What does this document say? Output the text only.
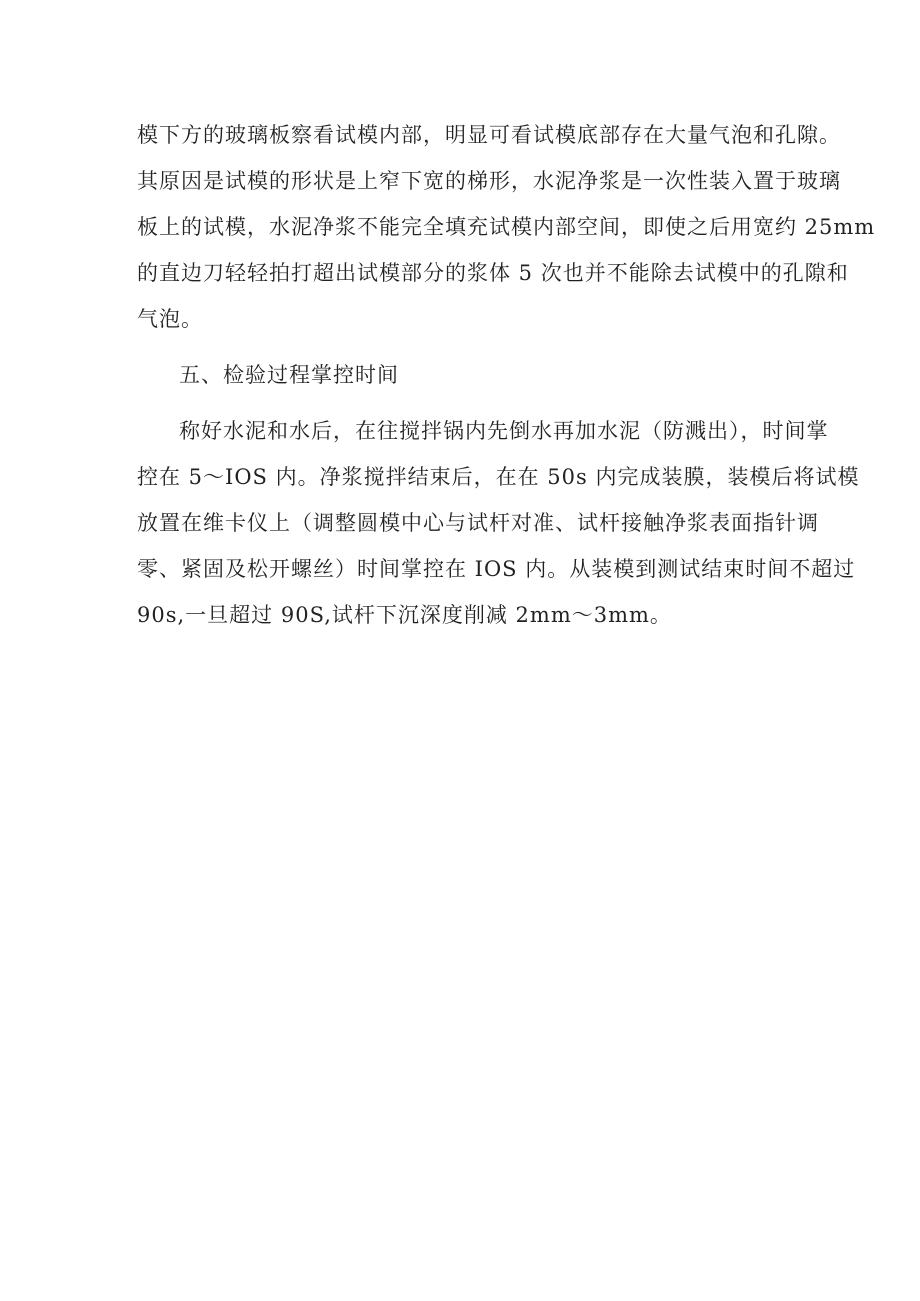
模下方的玻璃板察看试模内部，明显可看试模底部存在大量气泡和孔隙。
其原因是试模的形状是上窄下宽的梯形，水泥净浆是一次性装入置于玻璃
板上的试模，水泥净浆不能完全填充试模内部空间，即使之后用宽约 25mm
的直边刀轻轻拍打超出试模部分的浆体 5 次也并不能除去试模中的孔隙和
气泡。
五、检验过程掌控时间
称好水泥和水后，在往搅拌锅内先倒水再加水泥（防溅出），时间掌
控在 5～IOS 内。净浆搅拌结束后，在在 50s 内完成装膜，装模后将试模
放置在维卡仪上（调整圆模中心与试杆对准、试杆接触净浆表面指针调
零、紧固及松开螺丝）时间掌控在 IOS 内。从装模到测试结束时间不超过
90s,一旦超过 90S,试杆下沉深度削减 2mm～3mm。
